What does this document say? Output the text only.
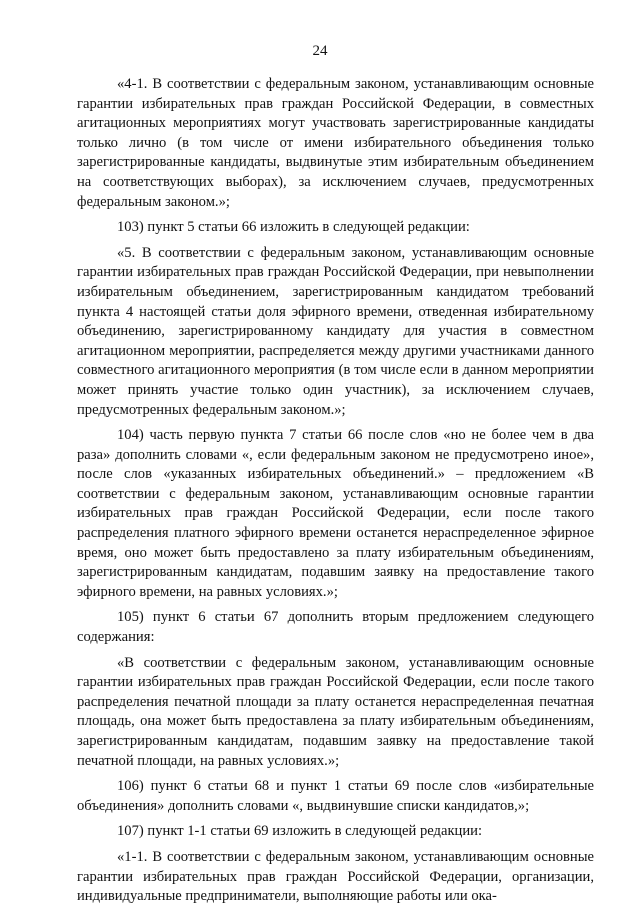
24

«4-1. В соответствии с федеральным законом, устанавливающим основные гарантии избирательных прав граждан Российской Федерации, в совместных агитационных мероприятиях могут участвовать зарегистрированные кандидаты только лично (в том числе от имени избирательного объединения только зарегистрированные кандидаты, выдвинутые этим избирательным объединением на соответствующих выборах), за исключением случаев, предусмотренных федеральным законом.»;

103) пункт 5 статьи 66 изложить в следующей редакции:

«5. В соответствии с федеральным законом, устанавливающим основные гарантии избирательных прав граждан Российской Федерации, при невыполнении избирательным объединением, зарегистрированным кандидатом требований пункта 4 настоящей статьи доля эфирного времени, отведенная избирательному объединению, зарегистрированному кандидату для участия в совместном агитационном мероприятии, распределяется между другими участниками данного совместного агитационного мероприятия (в том числе если в данном мероприятии может принять участие только один участник), за исключением случаев, предусмотренных федеральным законом.»;

104) часть первую пункта 7 статьи 66 после слов «но не более чем в два раза» дополнить словами «, если федеральным законом не предусмотрено иное», после слов «указанных избирательных объединений.» – предложением «В соответствии с федеральным законом, устанавливающим основные гарантии избирательных прав граждан Российской Федерации, если после такого распределения платного эфирного времени останется нераспределенное эфирное время, оно может быть предоставлено за плату избирательным объединениям, зарегистрированным кандидатам, подавшим заявку на предоставление такого эфирного времени, на равных условиях.»;

105) пункт 6 статьи 67 дополнить вторым предложением следующего содержания:

«В соответствии с федеральным законом, устанавливающим основные гарантии избирательных прав граждан Российской Федерации, если после такого распределения печатной площади за плату останется нераспределенная печатная площадь, она может быть предоставлена за плату избирательным объединениям, зарегистрированным кандидатам, подавшим заявку на предоставление такой печатной площади, на равных условиях.»;

106) пункт 6 статьи 68 и пункт 1 статьи 69 после слов «избирательные объединения» дополнить словами «, выдвинувшие списки кандидатов,»;

107) пункт 1-1 статьи 69 изложить в следующей редакции:

«1-1. В соответствии с федеральным законом, устанавливающим основные гарантии избирательных прав граждан Российской Федерации, организации, индивидуальные предприниматели, выполняющие работы или ока-
